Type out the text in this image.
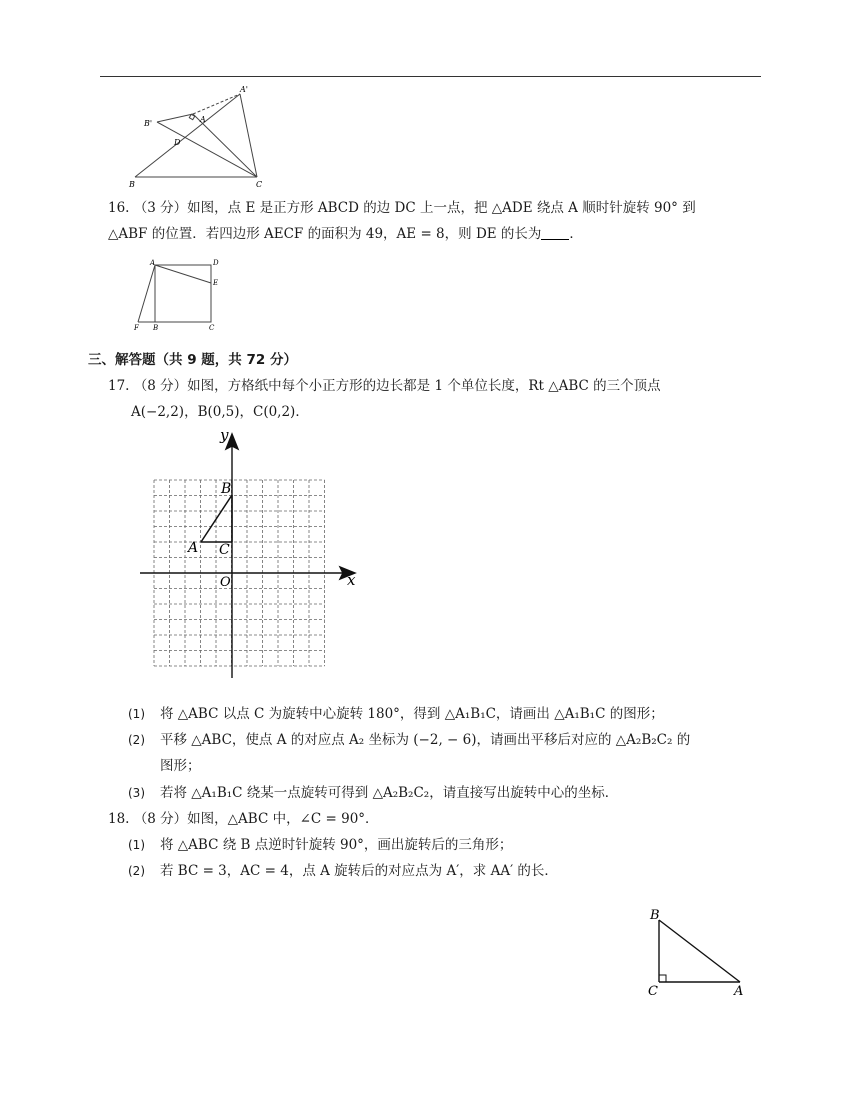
A'
A
B'
D
B	C
16. （3 分）如图，点 E 是正方形 ABCD 的边 DC 上一点，把 △ADE 绕点 A 顺时针旋转 90° 到
△ABF 的位置．若四边形 AECF 的面积为 49，AE = 8，则 DE 的长为 ．
A	D
E
F B	C
三、解答题（共 9 题，共 72 分）
17. （8 分）如图，方格纸中每个小正方形的边长都是 1 个单位长度，Rt △ABC 的三个顶点
A(−2,2)，B(0,5)，C(0,2)．
y
x
O
A
B
C
(1) 将 △ABC 以点 C 为旋转中心旋转 180°，得到 △A₁B₁C，请画出 △A₁B₁C 的图形；
(2) 平移 △ABC，使点 A 的对应点 A₂ 坐标为 (−2, − 6)，请画出平移后对应的 △A₂B₂C₂ 的
图形；
(3) 若将 △A₁B₁C 绕某一点旋转可得到 △A₂B₂C₂，请直接写出旋转中心的坐标．
18. （8 分）如图，△ABC 中，∠C = 90°．
(1) 将 △ABC 绕 B 点逆时针旋转 90°，画出旋转后的三角形；
(2) 若 BC = 3，AC = 4，点 A 旋转后的对应点为 A′，求 AA′ 的长．
B
C	A
